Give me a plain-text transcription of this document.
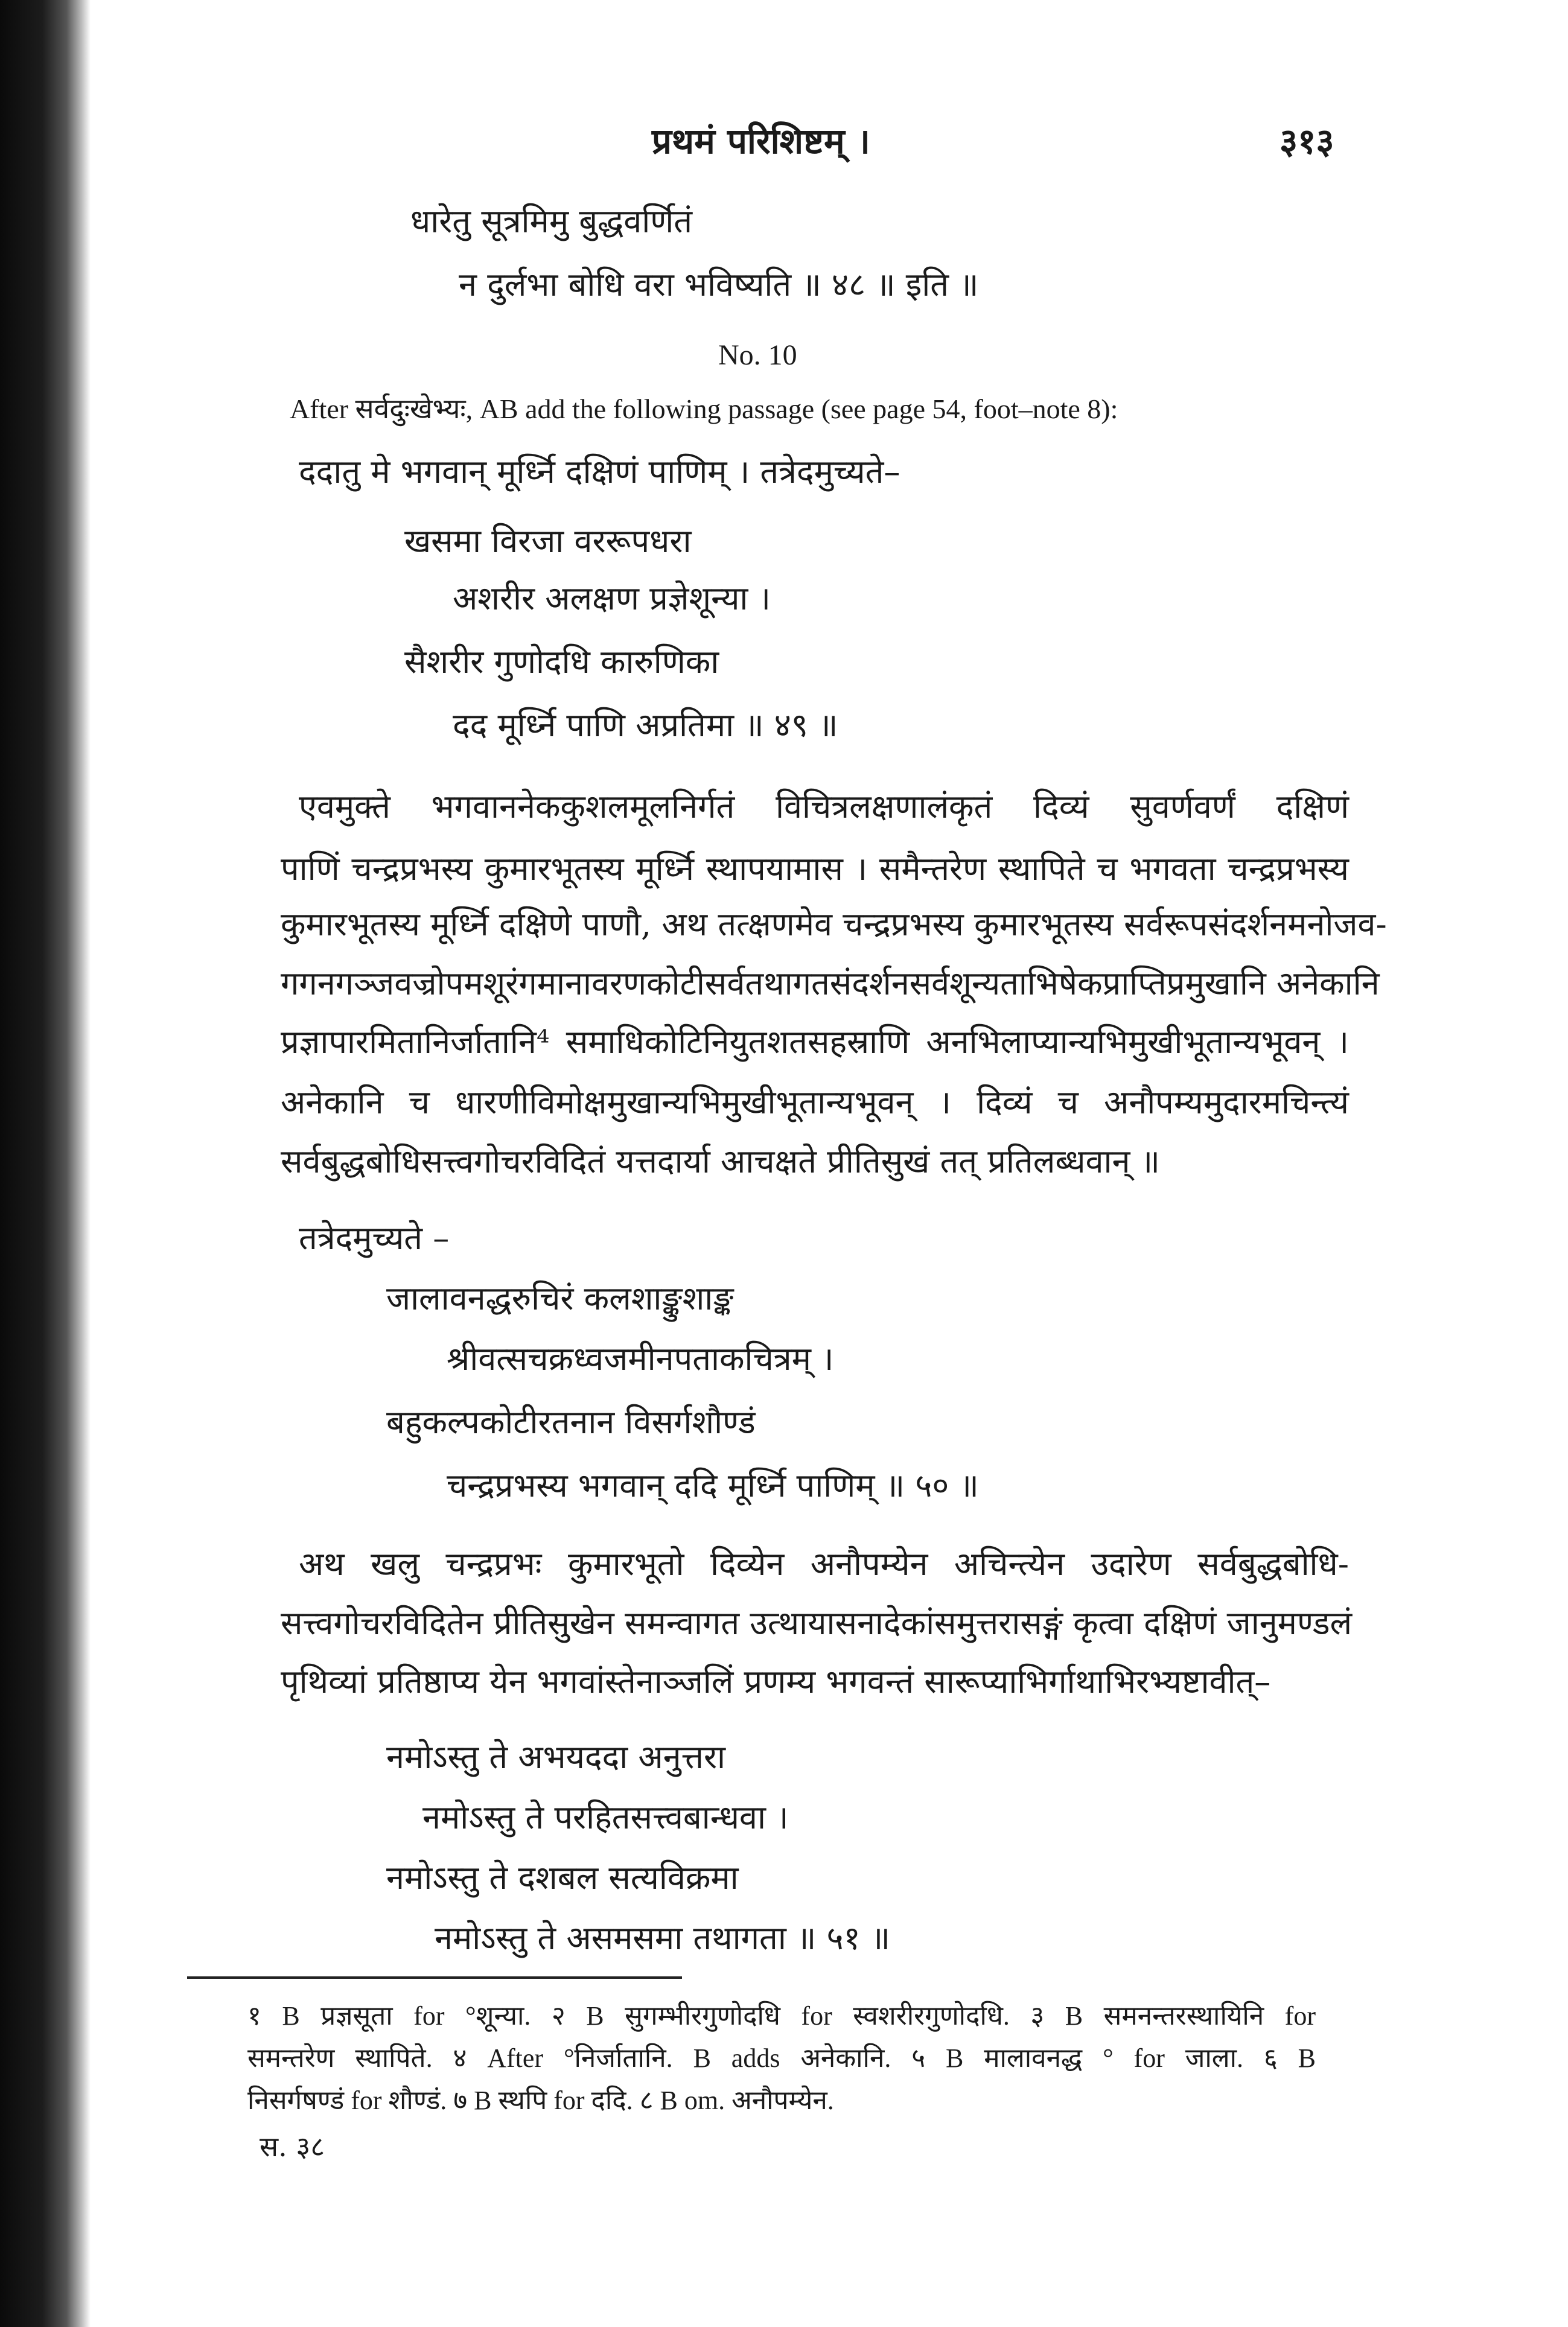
प्रथमं परिशिष्टम् ।	३१३
धारेतु सूत्रमिमु बुद्धवर्णितं
न दुर्लभा बोधि वरा भविष्यति ॥ ४८ ॥ इति ॥
No. 10
After सर्वदुःखेभ्यः, AB add the following passage (see page 54, foot–note 8):
ददातु मे भगवान् मूर्ध्नि दक्षिणं पाणिम् । तत्रेदमुच्यते–
खसमा विरजा वररूपधरा
अशरीर अलक्षण प्रज्ञेशून्या ।
सैशरीर गुणोदधि कारुणिका
दद मूर्ध्नि पाणि अप्रतिमा ॥ ४९ ॥
एवमुक्ते भगवाननेककुशलमूलनिर्गतं विचित्रलक्षणालंकृतं दिव्यं सुवर्णवर्णं दक्षिणं
पाणिं चन्द्रप्रभस्य कुमारभूतस्य मूर्ध्नि स्थापयामास । समैन्तरेण स्थापिते च भगवता चन्द्रप्रभस्य
कुमारभूतस्य मूर्ध्नि दक्षिणे पाणौ, अथ तत्क्षणमेव चन्द्रप्रभस्य कुमारभूतस्य सर्वरूपसंदर्शनमनोजव-
गगनगञ्जवज्रोपमशूरंगमानावरणकोटीसर्वतथागतसंदर्शनसर्वशून्यताभिषेकप्राप्तिप्रमुखानि अनेकानि
प्रज्ञापारमितानिर्जातानि⁴ समाधिकोटिनियुतशतसहस्राणि अनभिलाप्यान्यभिमुखीभूतान्यभूवन् ।
अनेकानि च धारणीविमोक्षमुखान्यभिमुखीभूतान्यभूवन् । दिव्यं च अनौपम्यमुदारमचिन्त्यं
सर्वबुद्धबोधिसत्त्वगोचरविदितं यत्तदार्या आचक्षते प्रीतिसुखं तत् प्रतिलब्धवान् ॥
तत्रेदमुच्यते –
जालावनद्धरुचिरं कलशाङ्कुशाङ्क
श्रीवत्सचक्रध्वजमीनपताकचित्रम् ।
बहुकल्पकोटीरतनान विसर्गशौण्डं
चन्द्रप्रभस्य भगवान् ददि मूर्ध्नि पाणिम् ॥ ५० ॥
अथ खलु चन्द्रप्रभः कुमारभूतो दिव्येन अनौपम्येन अचिन्त्येन उदारेण सर्वबुद्धबोधि-
सत्त्वगोचरविदितेन प्रीतिसुखेन समन्वागत उत्थायासनादेकांसमुत्तरासङ्गं कृत्वा दक्षिणं जानुमण्डलं
पृथिव्यां प्रतिष्ठाप्य येन भगवांस्तेनाञ्जलिं प्रणम्य भगवन्तं सारूप्याभिर्गाथाभिरभ्यष्टावीत्–
नमोऽस्तु ते अभयददा अनुत्तरा
नमोऽस्तु ते परहितसत्त्वबान्धवा ।
नमोऽस्तु ते दशबल सत्यविक्रमा
नमोऽस्तु ते असमसमा तथागता ॥ ५१ ॥
१ B प्रज्ञसूता for °शून्या. २ B सुगम्भीरगुणोदधि for स्वशरीरगुणोदधि. ३ B समनन्तरस्थायिनि for
समन्तरेण स्थापिते. ४ After °निर्जातानि. B adds अनेकानि. ५ B मालावनद्ध ° for जाला. ६ B
निसर्गषण्डं for शौण्डं. ७ B स्थपि for ददि. ८ B om. अनौपम्येन.
स. ३८
